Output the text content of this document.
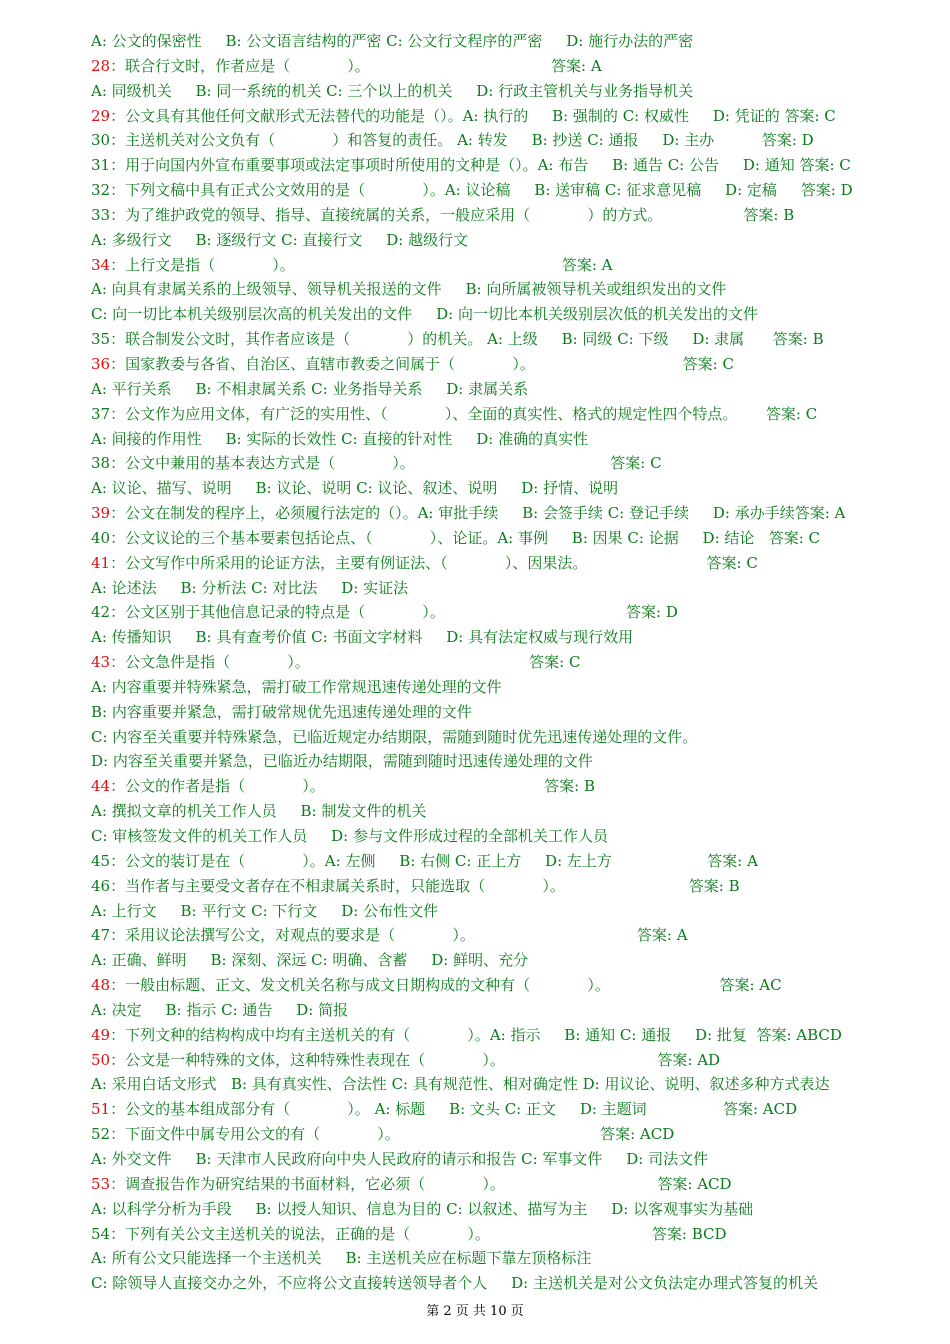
A: 公文的保密性     B: 公文语言结构的严密 C: 公文行文程序的严密     D: 施行办法的严密
28：联合行文时，作者应是（            ）。                                      答案: A
A: 同级机关     B: 同一系统的机关 C: 三个以上的机关     D: 行政主管机关与业务指导机关
29：公文具有其他任何文献形式无法替代的功能是（）。A: 执行的     B: 强制的 C: 权威性     D: 凭证的 答案: C
30：主送机关对公文负有（            ）和答复的责任。 A: 转发     B: 抄送 C: 通报     D: 主办          答案: D
31：用于向国内外宣布重要事项或法定事项时所使用的文种是（）。A: 布告     B: 通告 C: 公告     D: 通知 答案: C
32：下列文稿中具有正式公文效用的是（            ）。A: 议论稿     B: 送审稿 C: 征求意见稿     D: 定稿     答案: D
33：为了维护政党的领导、指导、直接统属的关系，一般应采用（            ）的方式。                 答案: B
A: 多级行文     B: 逐级行文 C: 直接行文     D: 越级行文
34：上行文是指（            ）。                                                        答案: A
A: 向具有隶属关系的上级领导、领导机关报送的文件     B: 向所属被领导机关或组织发出的文件
C: 向一切比本机关级别层次高的机关发出的文件     D: 向一切比本机关级别层次低的机关发出的文件
35：联合制发公文时，其作者应该是（            ）的机关。 A: 上级     B: 同级 C: 下级     D: 隶属      答案: B
36：国家教委与各省、自治区、直辖市教委之间属于（            ）。                               答案: C
A: 平行关系     B: 不相隶属关系 C: 业务指导关系     D: 隶属关系
37：公文作为应用文体，有广泛的实用性、（            ）、全面的真实性、格式的规定性四个特点。      答案: C
A: 间接的作用性     B: 实际的长效性 C: 直接的针对性     D: 准确的真实性
38：公文中兼用的基本表达方式是（            ）。                                         答案: C
A: 议论、描写、说明     B: 议论、说明 C: 议论、叙述、说明     D: 抒情、说明
39：公文在制发的程序上，必须履行法定的（）。A: 审批手续     B: 会签手续 C: 登记手续     D: 承办手续答案: A
40：公文议论的三个基本要素包括论点、（            ）、论证。A: 事例     B: 因果 C: 论据     D: 结论   答案: C
41：公文写作中所采用的论证方法，主要有例证法、（            ）、因果法。                         答案: C
A: 论述法     B: 分析法 C: 对比法     D: 实证法
42：公文区别于其他信息记录的特点是（            ）。                                      答案: D
A: 传播知识     B: 具有查考价值 C: 书面文字材料     D: 具有法定权威与现行效用
43：公文急件是指（            ）。                                              答案: C
A: 内容重要并特殊紧急，需打破工作常规迅速传递处理的文件
B: 内容重要并紧急，需打破常规优先迅速传递处理的文件
C: 内容至关重要并特殊紧急，已临近规定办结期限，需随到随时优先迅速传递处理的文件。
D: 内容至关重要并紧急，已临近办结期限，需随到随时迅速传递处理的文件
44：公文的作者是指（            ）。                                              答案: B
A: 撰拟文章的机关工作人员     B: 制发文件的机关
C: 审核签发文件的机关工作人员     D: 参与文件形成过程的全部机关工作人员
45：公文的装订是在（            ）。A: 左侧     B: 右侧 C: 正上方     D: 左上方                    答案: A
46：当作者与主要受文者存在不相隶属关系时，只能选取（            ）。                          答案: B
A: 上行文     B: 平行文 C: 下行文     D: 公布性文件
47：采用议论法撰写公文，对观点的要求是（            ）。                                  答案: A
A: 正确、鲜明     B: 深刻、深远 C: 明确、含蓄     D: 鲜明、充分
48：一般由标题、正文、发文机关名称与成文日期构成的文种有（            ）。                       答案: AC
A: 决定     B: 指示 C: 通告     D: 简报
49：下列文种的结构构成中均有主送机关的有（            ）。A: 指示     B: 通知 C: 通报     D: 批复  答案: ABCD
50：公文是一种特殊的文体，这种特殊性表现在（            ）。                                答案: AD
A: 采用白话文形式   B: 具有真实性、合法性 C: 具有规范性、相对确定性 D: 用议论、说明、叙述多种方式表达
51：公文的基本组成部分有（            ）。 A: 标题     B: 文头 C: 正文     D: 主题词                答案: ACD
52：下面文件中属专用公文的有（            ）。                                          答案: ACD
A: 外交文件     B: 天津市人民政府向中央人民政府的请示和报告 C: 军事文件     D: 司法文件
53：调查报告作为研究结果的书面材料，它必须（            ）。                                答案: ACD
A: 以科学分析为手段     B: 以授人知识、信息为目的 C: 以叙述、描写为主     D: 以客观事实为基础
54：下列有关公文主送机关的说法，正确的是（            ）。                                  答案: BCD
A: 所有公文只能选择一个主送机关     B: 主送机关应在标题下靠左顶格标注
C: 除领导人直接交办之外，不应将公文直接转送领导者个人     D: 主送机关是对公文负法定办理式答复的机关
第 2 页 共 10 页
